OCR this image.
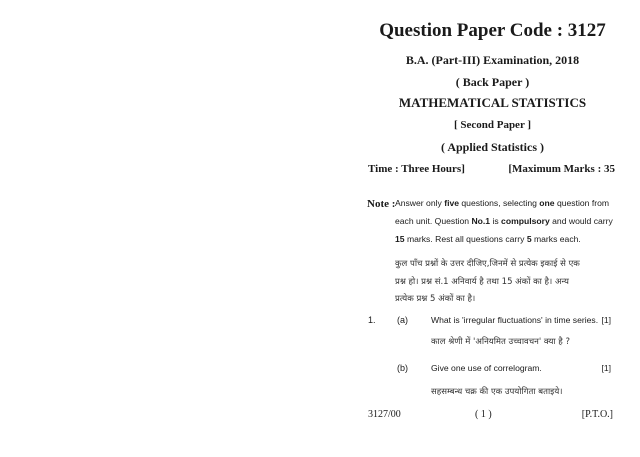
Question Paper Code : 3127
B.A. (Part-III) Examination, 2018
( Back Paper )
MATHEMATICAL STATISTICS
[ Second Paper ]
( Applied Statistics )
Time : Three Hours]	[Maximum Marks : 35
Note : Answer only five questions, selecting one question from
each unit. Question No.1 is compulsory and would carry
15 marks. Rest all questions carry 5 marks each.
कुल पाँच प्रश्नों के उत्तर दीजिए,जिनमें से प्रत्येक इकाई से एक
प्रश्न हो। प्रश्न सं.1 अनिवार्य है तथा 15 अंकों का है। अन्य
प्रत्येक प्रश्न 5 अंकों का है।
1. (a)	What is 'irregular fluctuations' in time series. [1]
काल श्रेणी में 'अनियमित उच्चावचन' क्या है ?
(b)	Give one use of correlogram.	[1]
सहसम्बन्ध चक्र की एक उपयोगिता बताइये।
3127/00	( 1 )	[P.T.O.]
